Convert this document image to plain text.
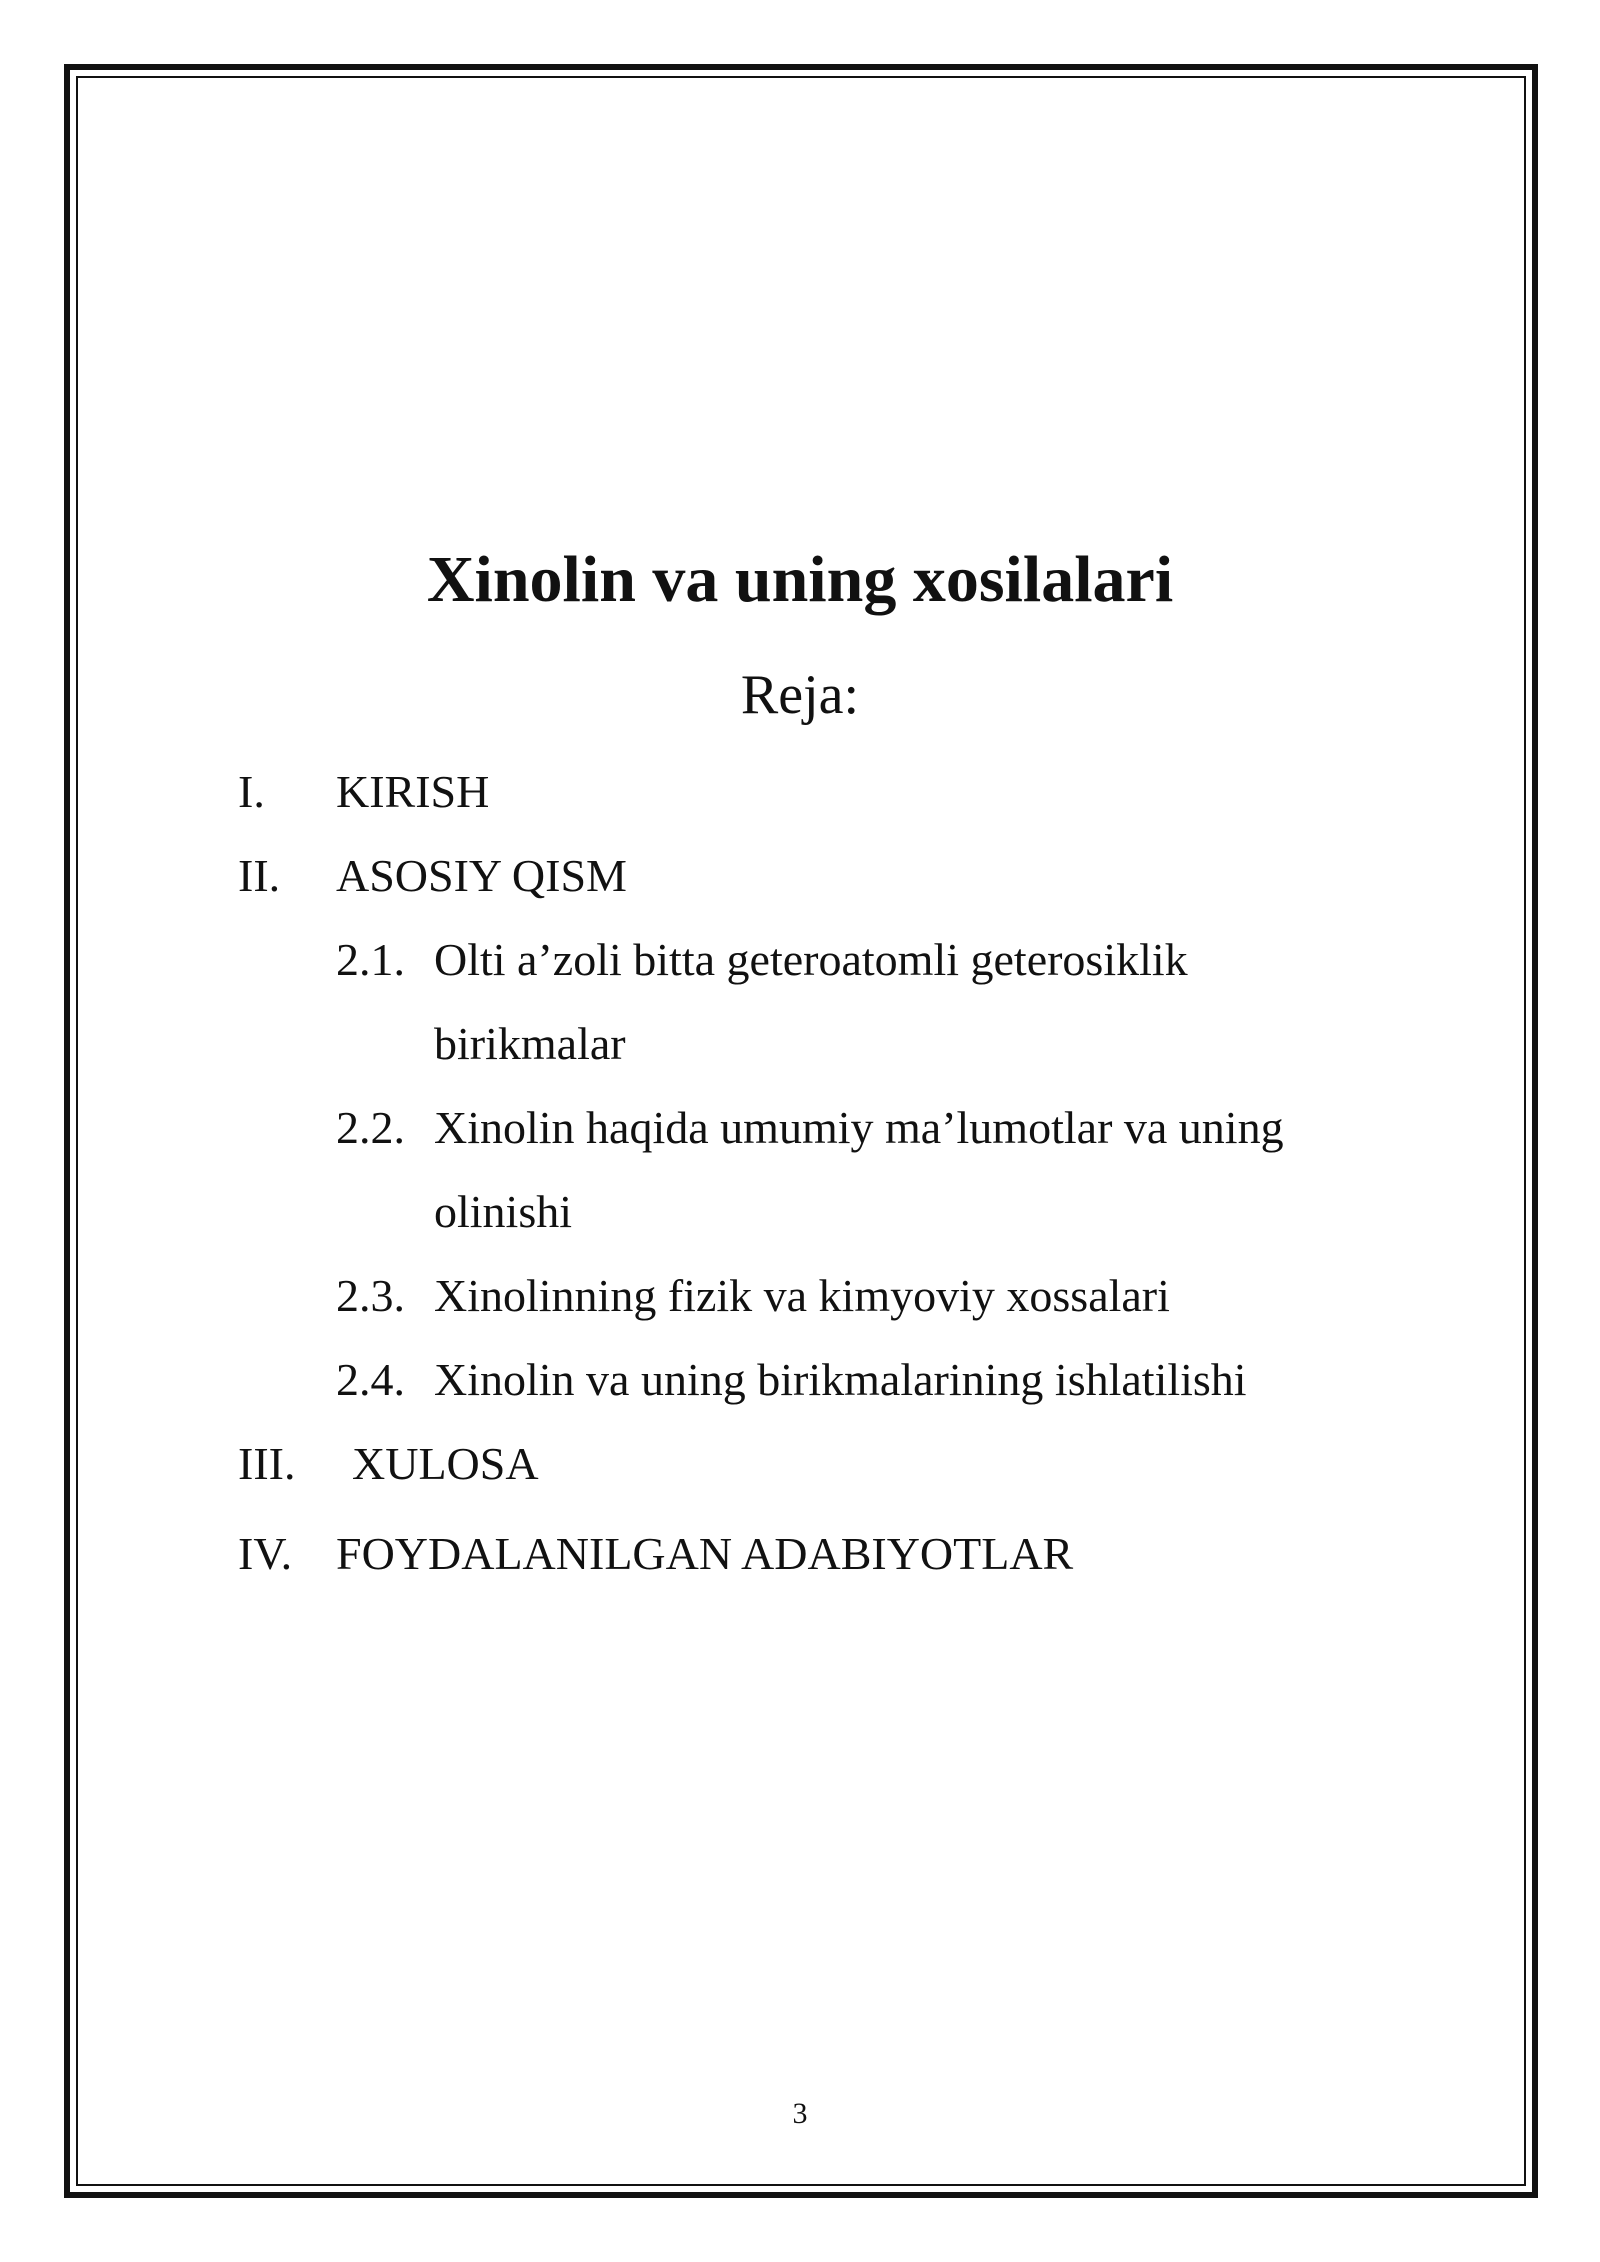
Xinolin va uning xosilalari
Reja:
I. KIRISH
II. ASOSIY QISM
2.1. Olti a’zoli bitta geteroatomli geterosiklik
birikmalar
2.2. Xinolin haqida umumiy ma’lumotlar va uning
olinishi
2.3. Xinolinning fizik va kimyoviy xossalari
2.4. Xinolin va uning birikmalarining ishlatilishi
III. XULOSA
IV. FOYDALANILGAN ADABIYOTLAR
3
